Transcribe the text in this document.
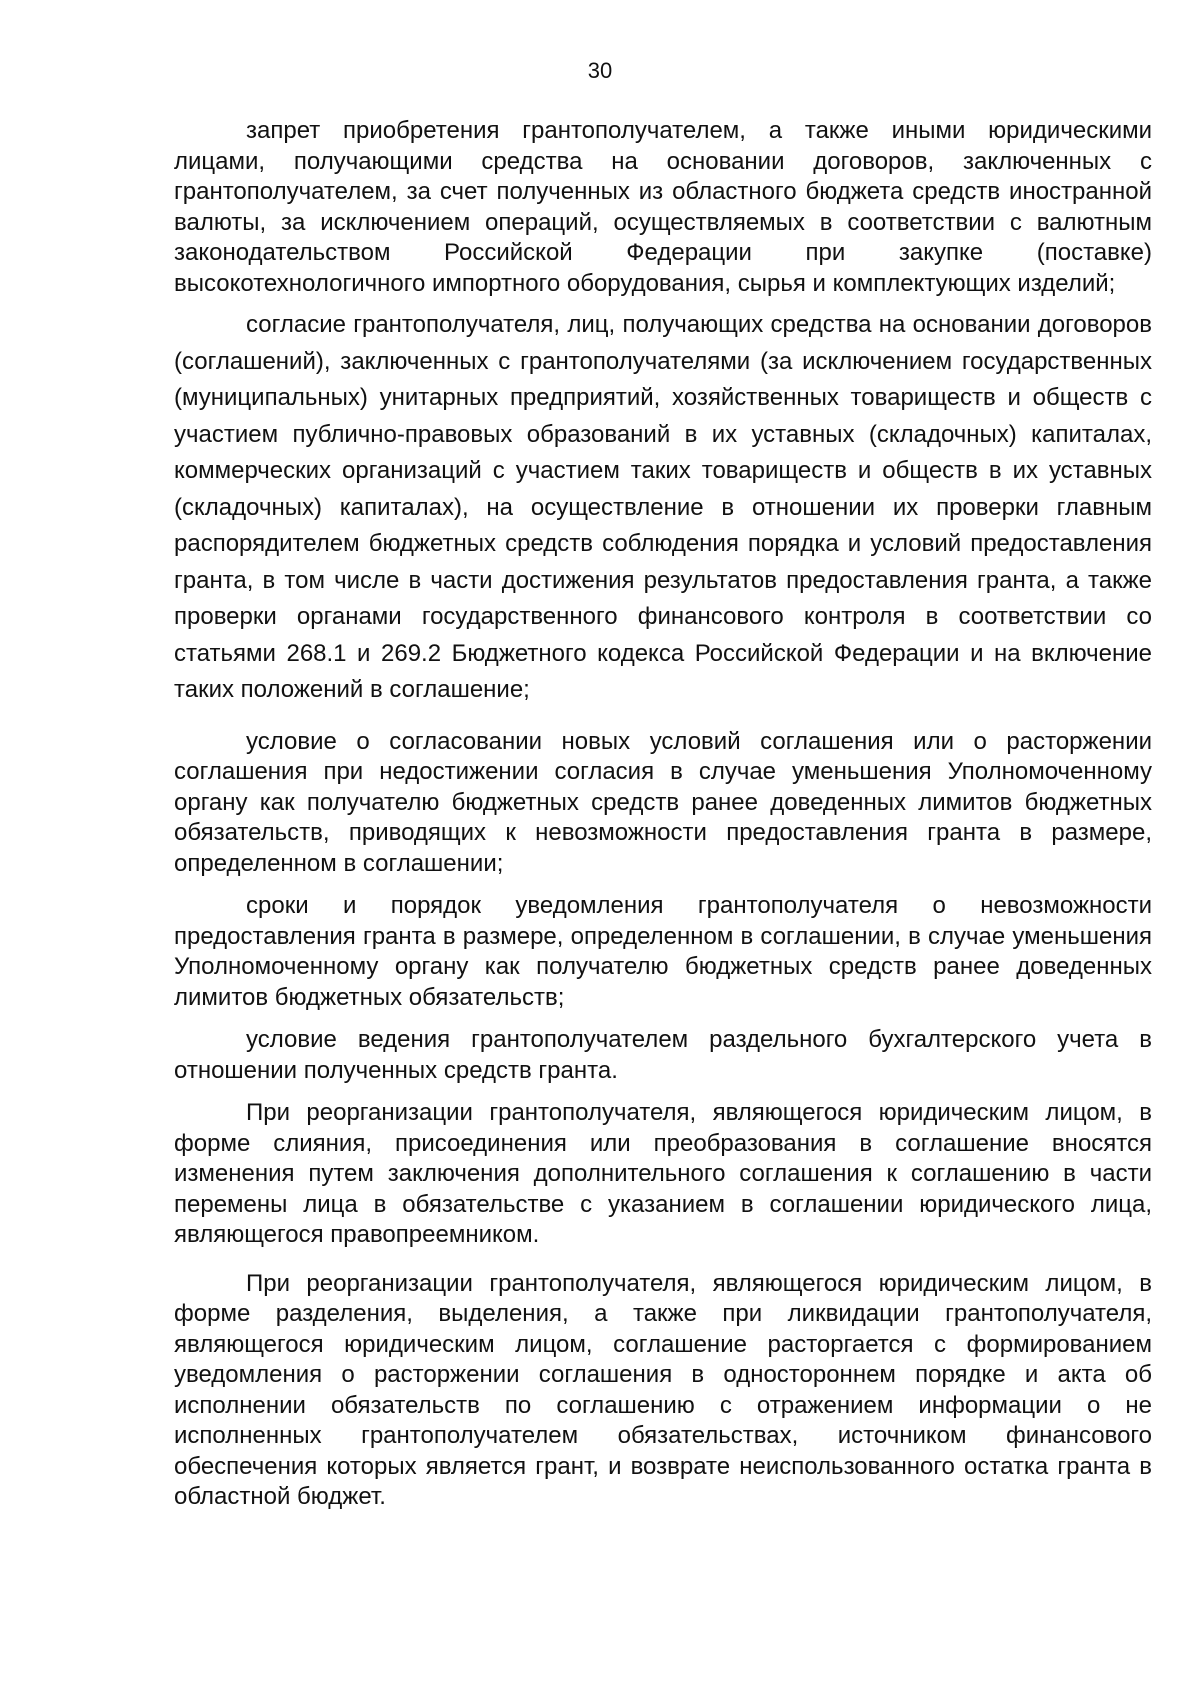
30

запрет приобретения грантополучателем, а также иными юридическими лицами, получающими средства на основании договоров, заключенных с грантополучателем, за счет полученных из областного бюджета средств иностранной валюты, за исключением операций, осуществляемых в соответствии с валютным законодательством Российской Федерации при закупке (поставке) высокотехнологичного импортного оборудования, сырья и комплектующих изделий;

согласие грантополучателя, лиц, получающих средства на основании договоров (соглашений), заключенных с грантополучателями (за исключением государственных (муниципальных) унитарных предприятий, хозяйственных товариществ и обществ с участием публично-правовых образований в их уставных (складочных) капиталах, коммерческих организаций с участием таких товариществ и обществ в их уставных (складочных) капиталах), на осуществление в отношении их проверки главным распорядителем бюджетных средств соблюдения порядка и условий предоставления гранта, в том числе в части достижения результатов предоставления гранта, а также проверки органами государственного финансового контроля в соответствии со статьями 268.1 и 269.2 Бюджетного кодекса Российской Федерации и на включение таких положений в соглашение;

условие о согласовании новых условий соглашения или о расторжении соглашения при недостижении согласия в случае уменьшения Уполномоченному органу как получателю бюджетных средств ранее доведенных лимитов бюджетных обязательств, приводящих к невозможности предоставления гранта в размере, определенном в соглашении;

сроки и порядок уведомления грантополучателя о невозможности предоставления гранта в размере, определенном в соглашении, в случае уменьшения Уполномоченному органу как получателю бюджетных средств ранее доведенных лимитов бюджетных обязательств;

условие ведения грантополучателем раздельного бухгалтерского учета в отношении полученных средств гранта.

При реорганизации грантополучателя, являющегося юридическим лицом, в форме слияния, присоединения или преобразования в соглашение вносятся изменения путем заключения дополнительного соглашения к соглашению в части перемены лица в обязательстве с указанием в соглашении юридического лица, являющегося правопреемником.

При реорганизации грантополучателя, являющегося юридическим лицом, в форме разделения, выделения, а также при ликвидации грантополучателя, являющегося юридическим лицом, соглашение расторгается с формированием уведомления о расторжении соглашения в одностороннем порядке и акта об исполнении обязательств по соглашению с отражением информации о не исполненных грантополучателем обязательствах, источником финансового обеспечения которых является грант, и возврате неиспользованного остатка гранта в областной бюджет.
